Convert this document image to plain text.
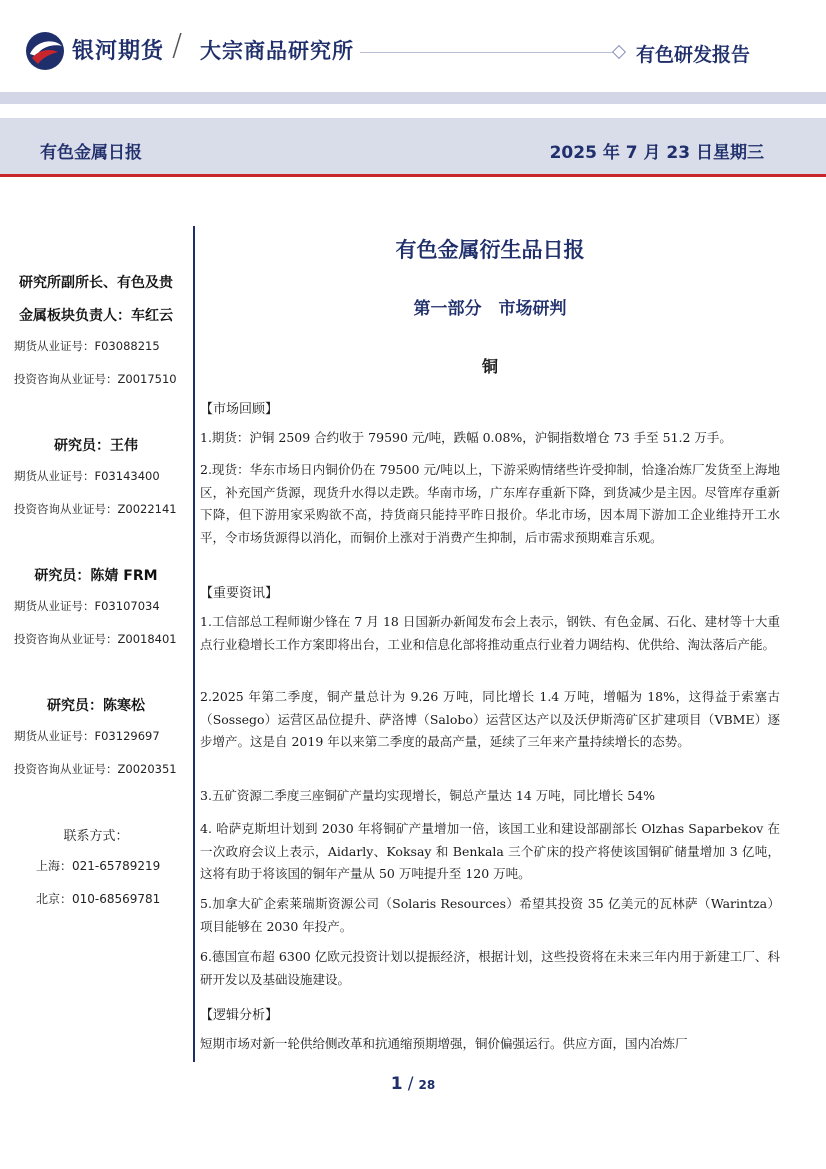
银河期货 / 大宗商品研究所	有色研发报告
有色金属日报	2025 年 7 月 23 日星期三
研究所副所长、有色及贵
金属板块负责人：车红云
期货从业证号：F03088215
投资咨询从业证号：Z0017510
研究员：王伟
期货从业证号：F03143400
投资咨询从业证号：Z0022141
研究员：陈婧 FRM
期货从业证号：F03107034
投资咨询从业证号：Z0018401
研究员：陈寒松
期货从业证号：F03129697
投资咨询从业证号：Z0020351
联系方式：
上海：021-65789219
北京：010-68569781
有色金属衍生品日报
第一部分　市场研判
铜
【市场回顾】
1.期货：沪铜 2509 合约收于 79590 元/吨，跌幅 0.08%，沪铜指数增仓 73 手至 51.2 万手。
2.现货：华东市场日内铜价仍在 79500 元/吨以上，下游采购情绪些许受抑制，恰逢冶炼厂发货至上海地区，补充国产货源，现货升水得以走跌。华南市场，广东库存重新下降，到货减少是主因。尽管库存重新下降，但下游用家采购欲不高，持货商只能持平昨日报价。华北市场，因本周下游加工企业维持开工水平，令市场货源得以消化，而铜价上涨对于消费产生抑制，后市需求预期难言乐观。
【重要资讯】
1.工信部总工程师谢少锋在 7 月 18 日国新办新闻发布会上表示，钢铁、有色金属、石化、建材等十大重点行业稳增长工作方案即将出台，工业和信息化部将推动重点行业着力调结构、优供给、淘汰落后产能。
2.2025 年第二季度，铜产量总计为 9.26 万吨，同比增长 1.4 万吨，增幅为 18%，这得益于索塞古（Sossego）运营区品位提升、萨洛博（Salobo）运营区达产以及沃伊斯湾矿区扩建项目（VBME）逐步增产。这是自 2019 年以来第二季度的最高产量，延续了三年来产量持续增长的态势。
3.五矿资源二季度三座铜矿产量均实现增长，铜总产量达 14 万吨，同比增长 54%
4. 哈萨克斯坦计划到 2030 年将铜矿产量增加一倍，该国工业和建设部副部长 Olzhas Saparbekov 在一次政府会议上表示，Aidarly、Koksay 和 Benkala 三个矿床的投产将使该国铜矿储量增加 3 亿吨，这将有助于将该国的铜年产量从 50 万吨提升至 120 万吨。
5.加拿大矿企索莱瑞斯资源公司（Solaris Resources）希望其投资 35 亿美元的瓦林萨（Warintza）项目能够在 2030 年投产。
6.德国宣布超 6300 亿欧元投资计划以提振经济，根据计划，这些投资将在未来三年内用于新建工厂、科研开发以及基础设施建设。
【逻辑分析】
短期市场对新一轮供给侧改革和抗通缩预期增强，铜价偏强运行。供应方面，国内冶炼厂
1 / 28
